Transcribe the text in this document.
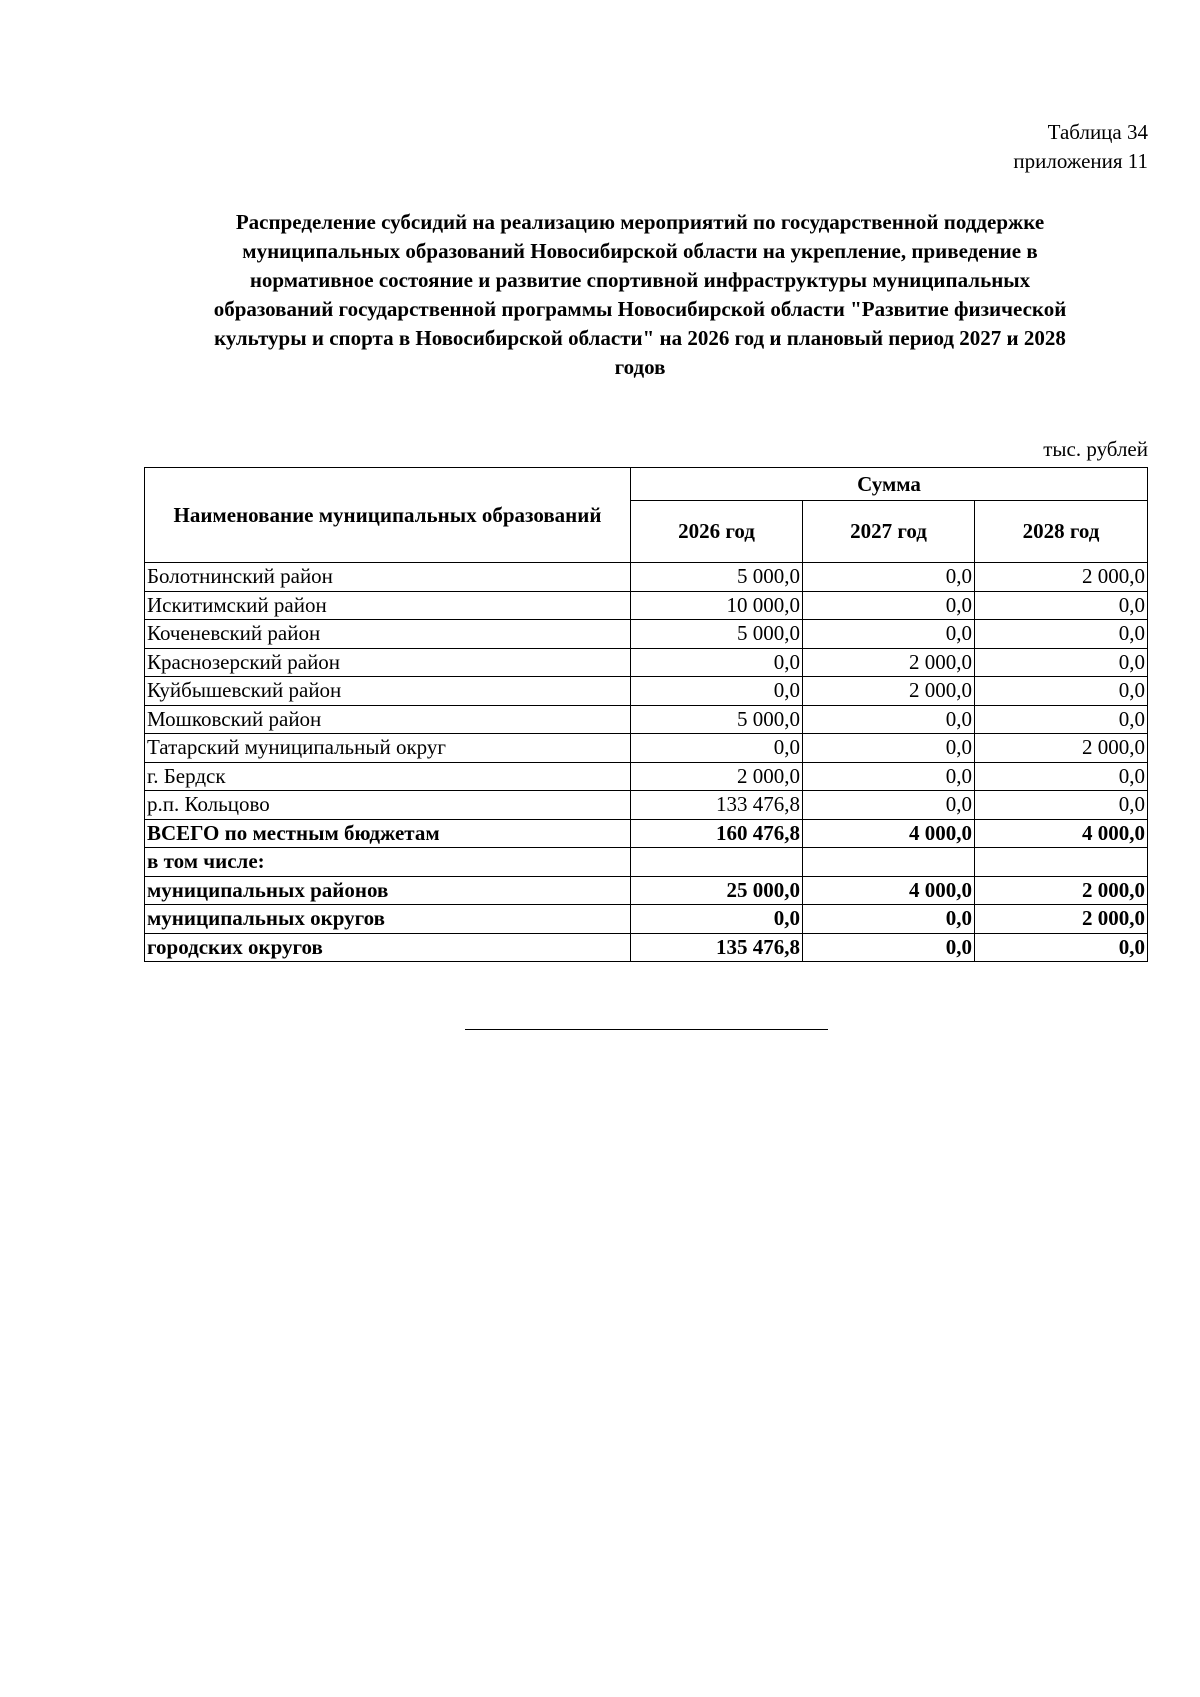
Таблица 34
приложения 11
Распределение субсидий на реализацию мероприятий по государственной поддержке
муниципальных образований Новосибирской области на укрепление, приведение в
нормативное состояние и развитие спортивной инфраструктуры муниципальных
образований государственной программы Новосибирской области "Развитие физической
культуры и спорта в Новосибирской области" на 2026 год и плановый период 2027 и 2028
годов
тыс. рублей
Наименование муниципальных образований	Сумма		
	2026 год	2027 год	2028 год
Болотнинский район	5 000,0	0,0	2 000,0
Искитимский район	10 000,0	0,0	0,0
Коченевский район	5 000,0	0,0	0,0
Краснозерский район	0,0	2 000,0	0,0
Куйбышевский район	0,0	2 000,0	0,0
Мошковский район	5 000,0	0,0	0,0
Татарский муниципальный округ	0,0	0,0	2 000,0
г. Бердск	2 000,0	0,0	0,0
р.п. Кольцово	133 476,8	0,0	0,0
ВСЕГО по местным бюджетам	160 476,8	4 000,0	4 000,0
в том числе:			
муниципальных районов	25 000,0	4 000,0	2 000,0
муниципальных округов	0,0	0,0	2 000,0
городских округов	135 476,8	0,0	0,0
